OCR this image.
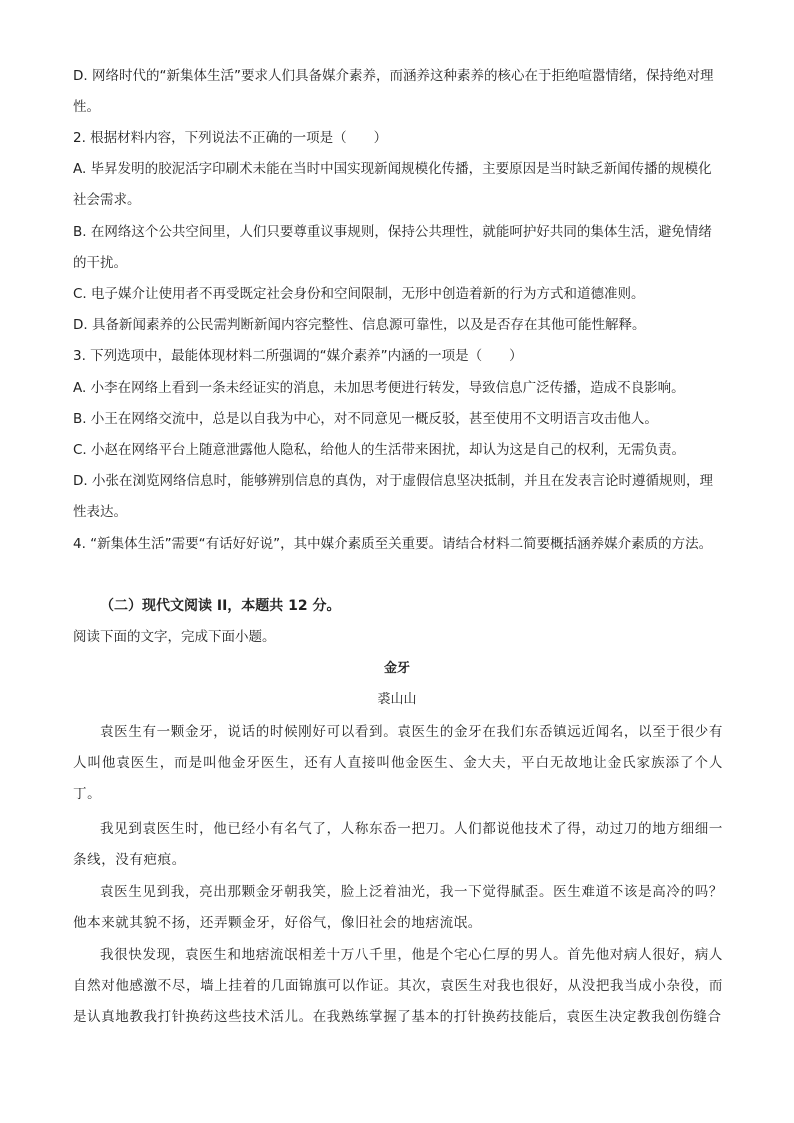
D. 网络时代的“新集体生活”要求人们具备媒介素养，而涵养这种素养的核心在于拒绝喧嚣情绪，保持绝对理性。

2. 根据材料内容，下列说法不正确的一项是（　　）

A. 毕昇发明的胶泥活字印刷术未能在当时中国实现新闻规模化传播，主要原因是当时缺乏新闻传播的规模化社会需求。

B. 在网络这个公共空间里，人们只要尊重议事规则，保持公共理性，就能呵护好共同的集体生活，避免情绪的干扰。

C. 电子媒介让使用者不再受既定社会身份和空间限制，无形中创造着新的行为方式和道德准则。

D. 具备新闻素养的公民需判断新闻内容完整性、信息源可靠性，以及是否存在其他可能性解释。

3. 下列选项中，最能体现材料二所强调的“媒介素养”内涵的一项是（　　）

A. 小李在网络上看到一条未经证实的消息，未加思考便进行转发，导致信息广泛传播，造成不良影响。

B. 小王在网络交流中，总是以自我为中心，对不同意见一概反驳，甚至使用不文明语言攻击他人。

C. 小赵在网络平台上随意泄露他人隐私，给他人的生活带来困扰，却认为这是自己的权利，无需负责。

D. 小张在浏览网络信息时，能够辨别信息的真伪，对于虚假信息坚决抵制，并且在发表言论时遵循规则，理性表达。

4. “新集体生活”需要“有话好好说”，其中媒介素质至关重要。请结合材料二简要概括涵养媒介素质的方法。

（二）现代文阅读 II，本题共 12 分。

阅读下面的文字，完成下面小题。

金牙

裘山山

袁医生有一颗金牙，说话的时候刚好可以看到。袁医生的金牙在我们东岙镇远近闻名，以至于很少有人叫他袁医生，而是叫他金牙医生，还有人直接叫他金医生、金大夫，平白无故地让金氏家族添了个人丁。

我见到袁医生时，他已经小有名气了，人称东岙一把刀。人们都说他技术了得，动过刀的地方细细一条线，没有疤痕。

袁医生见到我，亮出那颗金牙朝我笑，脸上泛着油光，我一下觉得腻歪。医生难道不该是高冷的吗？他本来就其貌不扬，还弄颗金牙，好俗气，像旧社会的地痞流氓。

我很快发现，袁医生和地痞流氓相差十万八千里，他是个宅心仁厚的男人。首先他对病人很好，病人自然对他感激不尽，墙上挂着的几面锦旗可以作证。其次，袁医生对我也很好，从没把我当成小杂役，而是认真地教我打针换药这些技术活儿。在我熟练掌握了基本的打针换药技能后，袁医生决定教我创伤缝合
